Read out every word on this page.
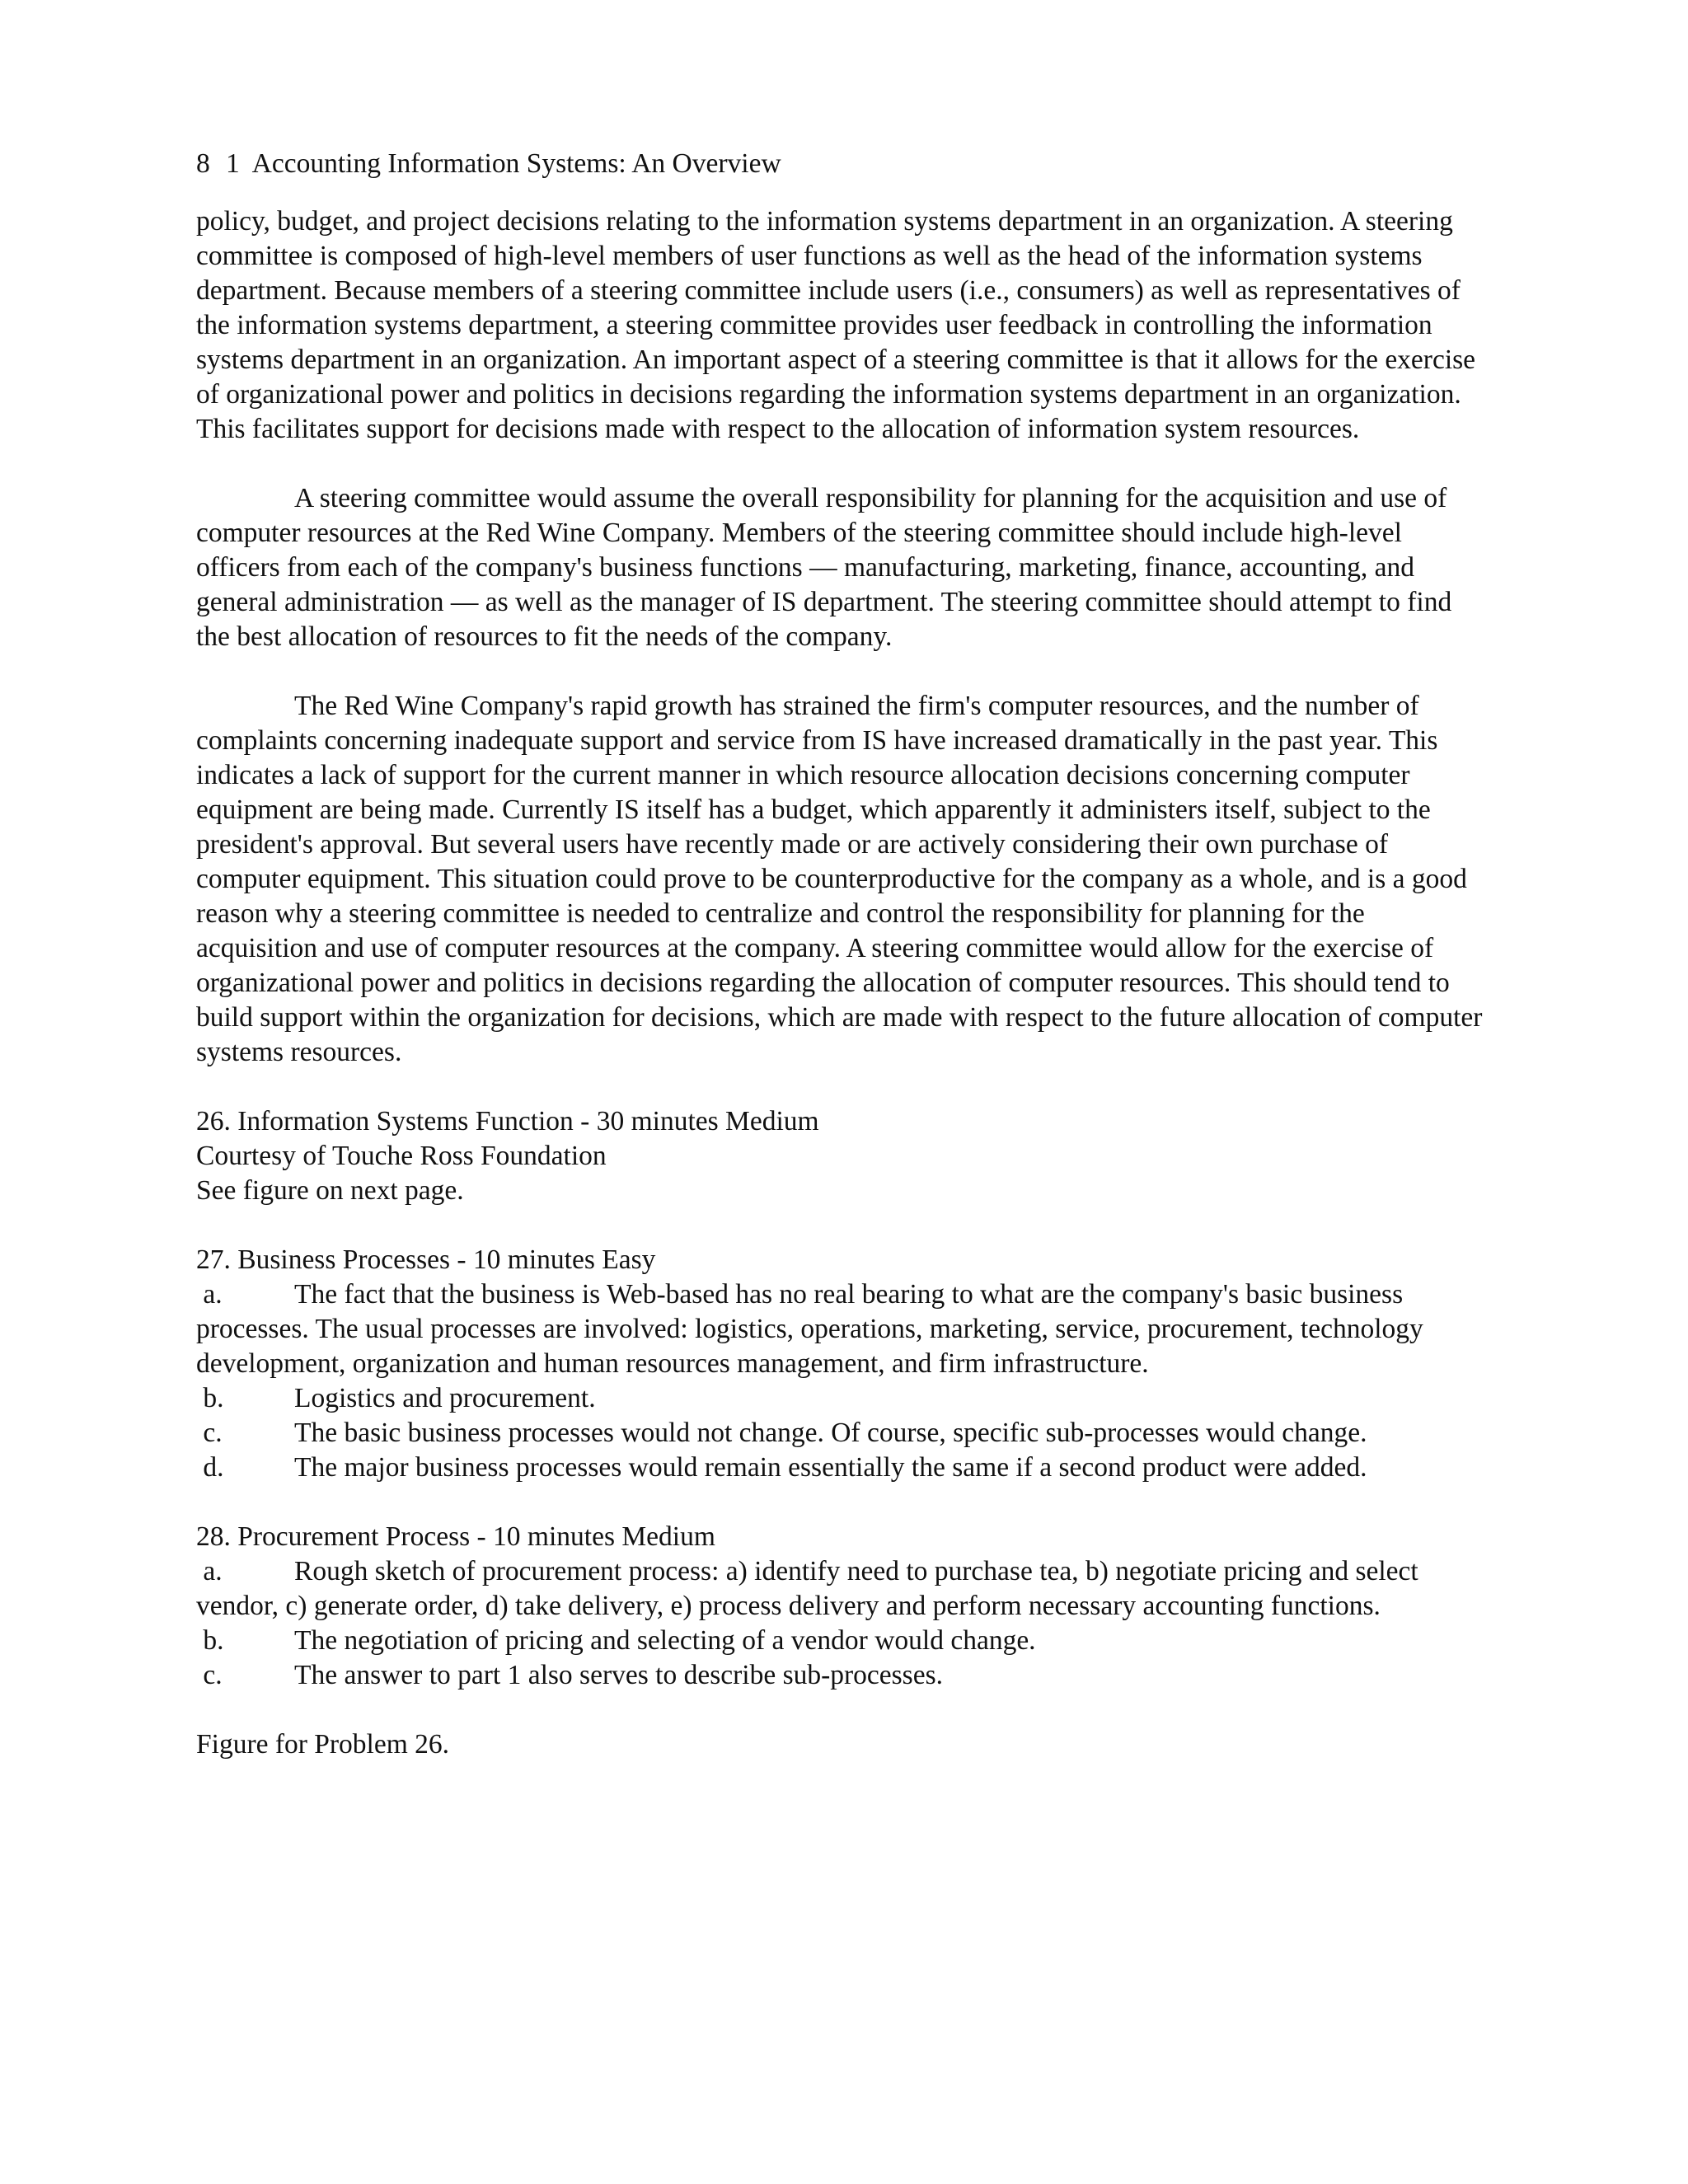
8 1  Accounting Information Systems: An Overview

policy, budget, and project decisions relating to the information systems department in an organization. A steering committee is composed of high-level members of user functions as well as the head of the information systems department. Because members of a steering committee include users (i.e., consumers) as well as representatives of the information systems department, a steering committee provides user feedback in controlling the information systems department in an organization. An important aspect of a steering committee is that it allows for the exercise of organizational power and politics in decisions regarding the information systems department in an organization. This facilitates support for decisions made with respect to the allocation of information system resources.

A steering committee would assume the overall responsibility for planning for the acquisition and use of computer resources at the Red Wine Company. Members of the steering committee should include high-level officers from each of the company's business functions — manufacturing, marketing, finance, accounting, and general administration — as well as the manager of IS department. The steering committee should attempt to find the best allocation of resources to fit the needs of the company.

The Red Wine Company's rapid growth has strained the firm's computer resources, and the number of complaints concerning inadequate support and service from IS have increased dramatically in the past year. This indicates a lack of support for the current manner in which resource allocation decisions concerning computer equipment are being made. Currently IS itself has a budget, which apparently it administers itself, subject to the president's approval. But several users have recently made or are actively considering their own purchase of computer equipment. This situation could prove to be counterproductive for the company as a whole, and is a good reason why a steering committee is needed to centralize and control the responsibility for planning for the acquisition and use of computer resources at the company. A steering committee would allow for the exercise of organizational power and politics in decisions regarding the allocation of computer resources. This should tend to build support within the organization for decisions, which are made with respect to the future allocation of computer systems resources.

26. Information Systems Function - 30 minutes Medium

Courtesy of Touche Ross Foundation

See figure on next page.

27. Business Processes - 10 minutes Easy

a.	The fact that the business is Web-based has no real bearing to what are the company's basic business processes. The usual processes are involved: logistics, operations, marketing, service, procurement, technology development, organization and human resources management, and firm infrastructure.

b.	Logistics and procurement.

c.	The basic business processes would not change. Of course, specific sub-processes would change.

d.	The major business processes would remain essentially the same if a second product were added.

28. Procurement Process - 10 minutes Medium

a.	Rough sketch of procurement process: a) identify need to purchase tea, b) negotiate pricing and select vendor, c) generate order, d) take delivery, e) process delivery and perform necessary accounting functions.

b.	The negotiation of pricing and selecting of a vendor would change.

c.	The answer to part 1 also serves to describe sub-processes.

Figure for Problem 26.
